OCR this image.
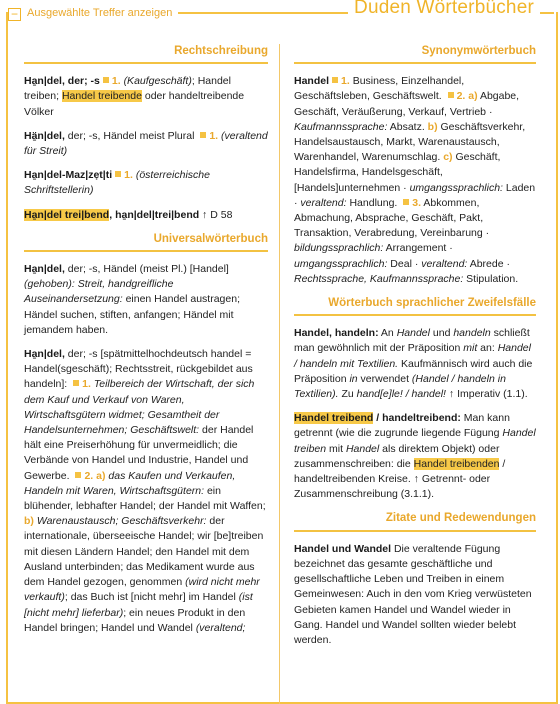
− Ausgewählte Treffer anzeigen	Duden Wörterbücher
Rechtschreibung
Ha̱n|del, der; -s 1. (Kaufgeschäft); Handel treiben; Handel treibende oder handeltreibende Völker
Hä̱n|del, der; -s, Händel meist Plural 1. (veraltend für Streit)
Ha̱n|del-Maz|zẹt|ti 1. (österreichische Schriftstellerin)
Ha̱n|del trei|bend, ha̱n|del|trei|bend ↑ D 58
Universalwörterbuch
Ha̱n|del, der; -s, Händel (meist Pl.) [Handel] (gehoben): Streit, handgreifliche Auseinandersetzung: einen Handel austragen; Händel suchen, stiften, anfangen; Händel mit jemandem haben.
Ha̱n|del, der; -s [spätmittelhochdeutsch handel = Handel(sgeschäft); Rechtsstreit, rückgebildet aus handeln]: 1. Teilbereich der Wirtschaft, der sich dem Kauf und Verkauf von Waren, Wirtschaftsgütern widmet; Gesamtheit der Handelsunternehmen; Geschäftswelt: der Handel hält eine Preiserhöhung für unvermeidlich; die Verbände von Handel und Industrie, Handel und Gewerbe. 2. a) das Kaufen und Verkaufen, Handeln mit Waren, Wirtschaftsgütern: ein blühender, lebhafter Handel; der Handel mit Waffen; b) Warenaustausch; Geschäftsverkehr: der internationale, überseeische Handel; wir [be]treiben mit diesen Ländern Handel; den Handel mit dem Ausland unterbinden; das Medikament wurde aus dem Handel gezogen, genommen (wird nicht mehr verkauft); das Buch ist [nicht mehr] im Handel (ist [nicht mehr] lieferbar); ein neues Produkt in den Handel bringen; Handel und Wandel (veraltend;
Synonymwörterbuch
Handel 1. Business, Einzelhandel, Geschäftsleben, Geschäftswelt. 2. a) Abgabe, Geschäft, Veräußerung, Verkauf, Vertrieb · Kaufmannssprache: Absatz. b) Geschäftsverkehr, Handelsaustausch, Markt, Warenaustausch, Warenhandel, Warenumschlag. c) Geschäft, Handelsfirma, Handelsgeschäft, [Handels]unternehmen · umgangssprachlich: Laden · veraltend: Handlung. 3. Abkommen, Abmachung, Absprache, Geschäft, Pakt, Transaktion, Verabredung, Vereinbarung · bildungssprachlich: Arrangement · umgangssprachlich: Deal · veraltend: Abrede · Rechtssprache, Kaufmannssprache: Stipulation.
Wörterbuch sprachlicher Zweifelsfälle
Handel, handeln: An Handel und handeln schließt man gewöhnlich mit der Präposition mit an: Handel / handeln mit Textilien. Kaufmännisch wird auch die Präposition in verwendet (Handel / handeln in Textilien). Zu hand[e]le! / handel! ↑ Imperativ (1.1).
Handel treibend / handeltreibend: Man kann getrennt (wie die zugrunde liegende Fügung Handel treiben mit Handel als direktem Objekt) oder zusammenschreiben: die Handel treibenden / handeltreibenden Kreise. ↑ Getrennt- oder Zusammenschreibung (3.1.1).
Zitate und Redewendungen
Handel und Wandel Die veraltende Fügung bezeichnet das gesamte geschäftliche und gesellschaftliche Leben und Treiben in einem Gemeinwesen: Auch in den vom Krieg verwüsteten Gebieten kamen Handel und Wandel wieder in Gang. Handel und Wandel sollten wieder belebt werden.
